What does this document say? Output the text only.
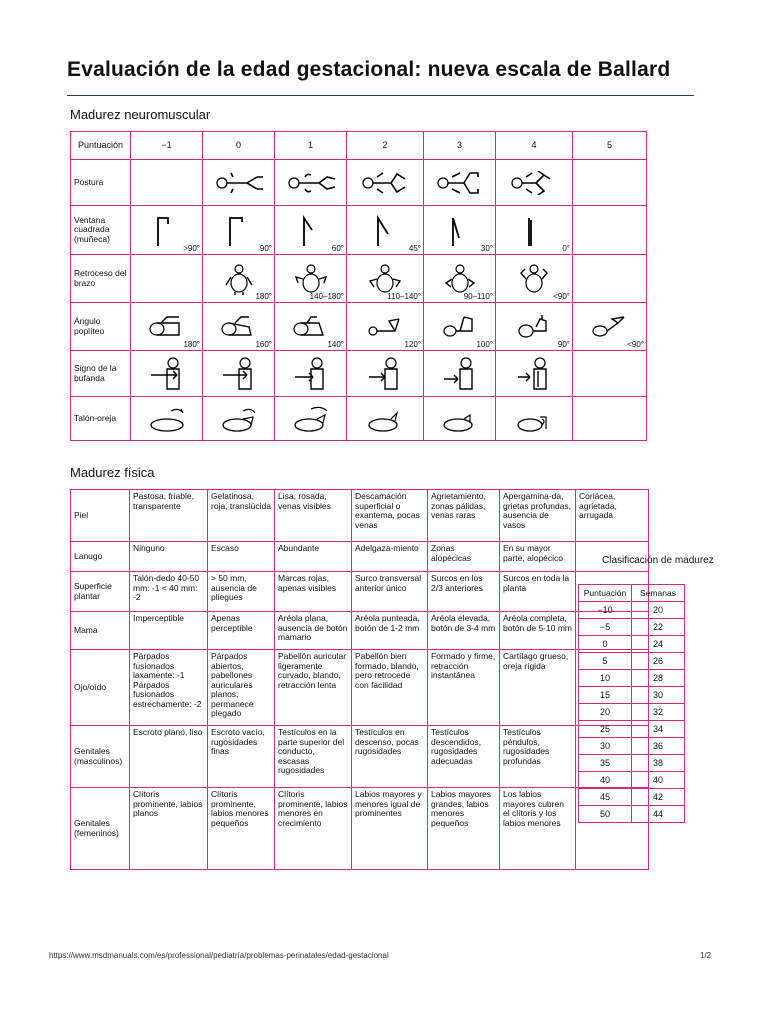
Evaluación de la edad gestacional: nueva escala de Ballard
Madurez neuromuscular
Puntuación	−1	0	1	2	3	4	5
Postura	

Ventana cuadrada (muñeca)	>90°	90°	60°	45°	30°	0°	

Retroceso del brazo		180°	140–180°	110–140°	90–110°	<90°	

Ángulo poplíteo	180°	160°	140°	120°	100°	90°	<90°

Signo de la bufanda	

Talón-oreja	

Madurez física
Piel	Pastosa, friable, transparente	Gelatinosa, roja, translúcida	Lisa, rosada, venas visibles	Descamación superficial o exantema, pocas venas	Agrietamiento, zonas pálidas, venas raras	Apergamina-da, grietas profundas, ausencia de vasos	Coriácea, agrietada, arrugada
Lanugo	Ninguno	Escaso	Abundante	Adelgaza-miento	Zonas alopécicas	En su mayor parte, alopécico	
Superficie plantar	Talón-dedo 40-50 mm: -1 < 40 mm: -2	> 50 mm, ausencia de pliegues	Marcas rojas, apenas visibles	Surco transversal anterior único	Surcos en los 2/3 anteriores	Surcos en toda la planta	
Mama	Imperceptible	Apenas perceptible	Aréola plana, ausencia de botón mamario	Aréola punteada, botón de 1-2 mm	Aréola elevada, botón de 3-4 mm	Aréola completa, botón de 5-10 mm	
Ojo/oído	Párpados fusionados laxamente: -1 Párpados fusionados estrechamente: -2	Párpados abiertos, pabellones auriculares planos, permanece plegado	Pabellón auricular ligeramente curvado, blando, retracción lenta	Pabellón bien formado, blando, pero retrocede con facilidad	Formado y firme, retracción instantánea	Cartílago grueso, oreja rígida	
Genitales (masculinos)	Escroto plano, liso	Escroto vacío, rugosidades finas	Testículos en la parte superior del conducto, escasas rugosidades	Testículos en descenso, pocas rugosidades	Testículos descendidos, rugosidades adecuadas	Testículos péndulos, rugosidades profundas	
Genitales (femeninos)	Clítoris prominente, labios planos	Clítoris prominente, labios menores pequeños	Clítoris prominente, labios menores en crecimiento	Labios mayores y menores igual de prominentes	Labios mayores grandes, labios menores pequeños	Los labios mayores cubren el clítoris y los labios menores	
Clasificación de madurez
Puntuación	Semanas
−10	20
−5	22
0	24
5	26
10	28
15	30
20	32
25	34
30	36
35	38
40	40
45	42
50	44
https://www.msdmanuals.com/es/professional/pediatría/problemas-perinatales/edad-gestacional	1/2
